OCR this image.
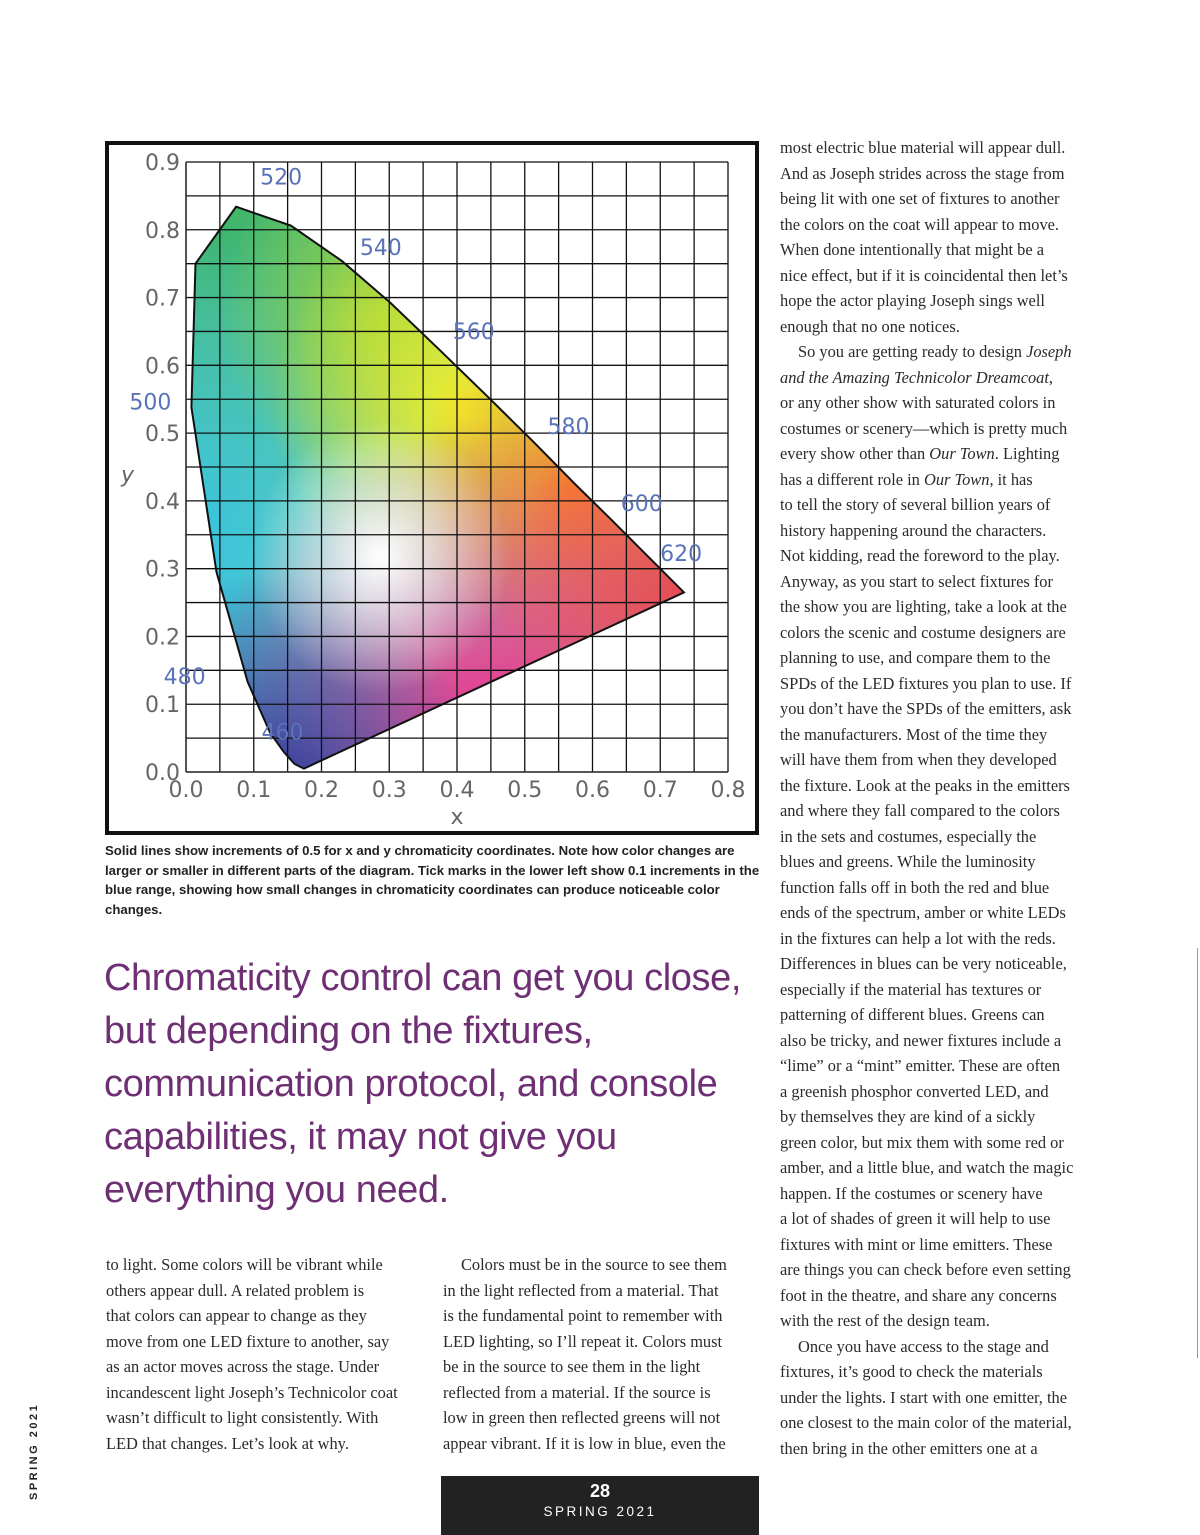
0.0 0.1 0.2 0.3 0.4 0.5 0.6 0.7 0.8
0.0
0.1
0.2
0.3
0.4
0.5
0.6
0.7
0.8
0.9
x
y
460
480
500
520
540
560
580
600
620
Solid lines show increments of 0.5 for x and y chromaticity coordinates. Note how color changes are larger or smaller in different parts of the diagram. Tick marks in the lower left show 0.1 increments in the blue range, showing how small changes in chromaticity coordinates can produce noticeable color changes.
Chromaticity control can get you close,
but depending on the fixtures,
communication protocol, and console
capabilities, it may not give you
everything you need.
to light. Some colors will be vibrant while
others appear dull. A related problem is
that colors can appear to change as they
move from one LED fixture to another, say
as an actor moves across the stage. Under
incandescent light Joseph’s Technicolor coat
wasn’t difficult to light consistently. With
LED that changes. Let’s look at why.
Colors must be in the source to see them
in the light reflected from a material. That
is the fundamental point to remember with
LED lighting, so I’ll repeat it. Colors must
be in the source to see them in the light
reflected from a material. If the source is
low in green then reflected greens will not
appear vibrant. If it is low in blue, even the
most electric blue material will appear dull.
And as Joseph strides across the stage from
being lit with one set of fixtures to another
the colors on the coat will appear to move.
When done intentionally that might be a
nice effect, but if it is coincidental then let’s
hope the actor playing Joseph sings well
enough that no one notices.
So you are getting ready to design Joseph
and the Amazing Technicolor Dreamcoat,
or any other show with saturated colors in
costumes or scenery—which is pretty much
every show other than Our Town. Lighting
has a different role in Our Town, it has
to tell the story of several billion years of
history happening around the characters.
Not kidding, read the foreword to the play.
Anyway, as you start to select fixtures for
the show you are lighting, take a look at the
colors the scenic and costume designers are
planning to use, and compare them to the
SPDs of the LED fixtures you plan to use. If
you don’t have the SPDs of the emitters, ask
the manufacturers. Most of the time they
will have them from when they developed
the fixture. Look at the peaks in the emitters
and where they fall compared to the colors
in the sets and costumes, especially the
blues and greens. While the luminosity
function falls off in both the red and blue
ends of the spectrum, amber or white LEDs
in the fixtures can help a lot with the reds.
Differences in blues can be very noticeable,
especially if the material has textures or
patterning of different blues. Greens can
also be tricky, and newer fixtures include a
“lime” or a “mint” emitter. These are often
a greenish phosphor converted LED, and
by themselves they are kind of a sickly
green color, but mix them with some red or
amber, and a little blue, and watch the magic
happen. If the costumes or scenery have
a lot of shades of green it will help to use
fixtures with mint or lime emitters. These
are things you can check before even setting
foot in the theatre, and share any concerns
with the rest of the design team.
Once you have access to the stage and
fixtures, it’s good to check the materials
under the lights. I start with one emitter, the
one closest to the main color of the material,
then bring in the other emitters one at a
SPRING 2021	28
SPRING 2021
